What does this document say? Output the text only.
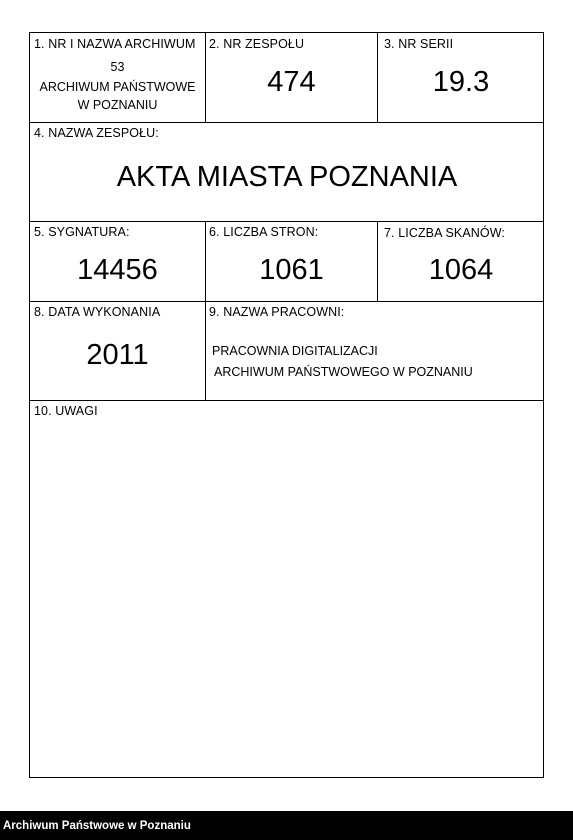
1. NR I NAZWA ARCHIWUM
53
ARCHIWUM PAŃSTWOWE
W POZNANIU
2. NR ZESPOŁU
474
3. NR SERII
19.3
4. NAZWA ZESPOŁU:
AKTA MIASTA POZNANIA
5. SYGNATURA:
14456
6. LICZBA STRON:
1061
7. LICZBA SKANÓW:
1064
8. DATA WYKONANIA
2011
9. NAZWA PRACOWNI:
PRACOWNIA DIGITALIZACJI
ARCHIWUM PAŃSTWOWEGO W POZNANIU
10. UWAGI
Archiwum Państwowe w Poznaniu
